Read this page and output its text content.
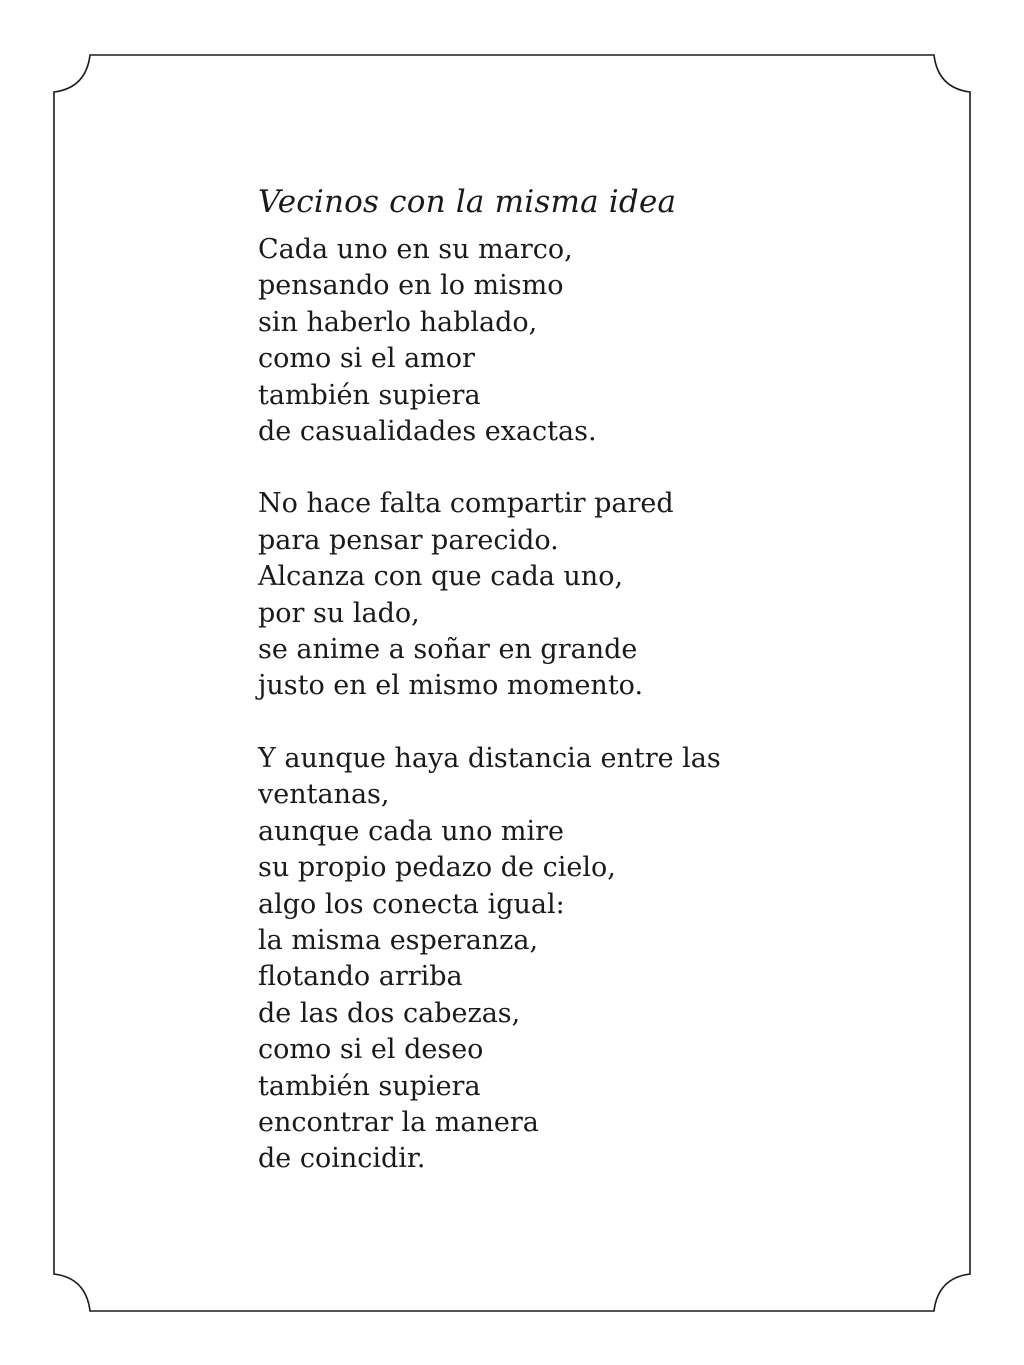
Vecinos con la misma idea
Cada uno en su marco,
pensando en lo mismo
sin haberlo hablado,
como si el amor
también supiera
de casualidades exactas.
No hace falta compartir pared
para pensar parecido.
Alcanza con que cada uno,
por su lado,
se anime a soñar en grande
justo en el mismo momento.
Y aunque haya distancia entre las
ventanas,
aunque cada uno mire
su propio pedazo de cielo,
algo los conecta igual:
la misma esperanza,
flotando arriba
de las dos cabezas,
como si el deseo
también supiera
encontrar la manera
de coincidir.
